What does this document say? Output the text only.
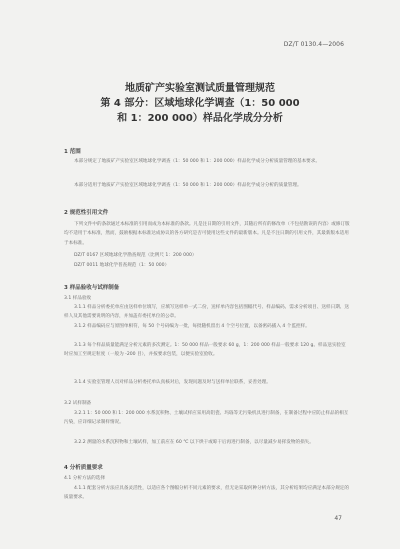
DZ/T 0130.4—2006
地质矿产实验室测试质量管理规范
第 4 部分：区域地球化学调查（1：50 000
和 1：200 000）样品化学成分分析
1 范围
本部分规定了地质矿产实验室区域地球化学调查（1：50 000 和 1：200 000）样品化学成分分析质量管理的基本要求。
本部分适用于地质矿产实验室区域地球化学调查（1：50 000 和 1：200 000）样品化学成分分析的质量管理。
2 规范性引用文件
下列文件中的条款通过本标准的引用而成为本标准的条款。凡是注日期的引用文件，其随后所有的修改单（不包括勘误的内容）或修订版均不适用于本标准，然而，鼓励根据本标准达成协议的各方研究是否可使用这些文件的最新版本。凡是不注日期的引用文件，其最新版本适用于本标准。
DZ/T 0167 区域地球化学勘查规范（比例尺 1：200 000）
DZ/T 0011 地球化学普查规范（1：50 000）
3 样品验收与试样制备
3.1 样品验收
3.1.1 样品分析委托单应由送样单位填写，应填写送样单一式二份，送样单内容包括图幅代号、样品编码、需求分析项目、送样日期、送样人及其他需要说明的内容，并加盖有委托单位的公章。
3.1.2 样品编码应与原图单相符，每 50 个号码编为一批，每批随机留出 4 个空号位置，以备密码插入 4 个监控样。
3.1.3 每个样品质量能满足分析元素的多次测定。1：50 000 样品一般要求 60 g，1：200 000 样品一般要求 120 g。样品送实验室时应加工至规定粒度（一般为 -200 目），并按要求包装，以便实验室验收。
3.1.4 实验室管理人员对样品分析委托单认真核对后，发现问题及时与送样单位联系，妥善处理。
3.2 试样制备
3.2.1 1：50 000 和 1：200 000 水系沉积物、土壤试样应采用高铝瓷、玛瑙等无污染机具进行制备，在制备过程中应防止样品的相互污染，应详细记录制样情况。
3.2.2 测量的水系沉积物和土壤试样，加工前应在 60 ℃ 以下烘干或晾干后再进行制备，以尽量减少易挥发物的损失。
4 分析质量要求
4.1 分析方法的选择
4.1.1 配套分析方法应具备灵活性，以适应各个图幅分析不同元素的要求，但无论采取何种分析方法，其分析结果均应满足本部分规定的质量要求。
47
